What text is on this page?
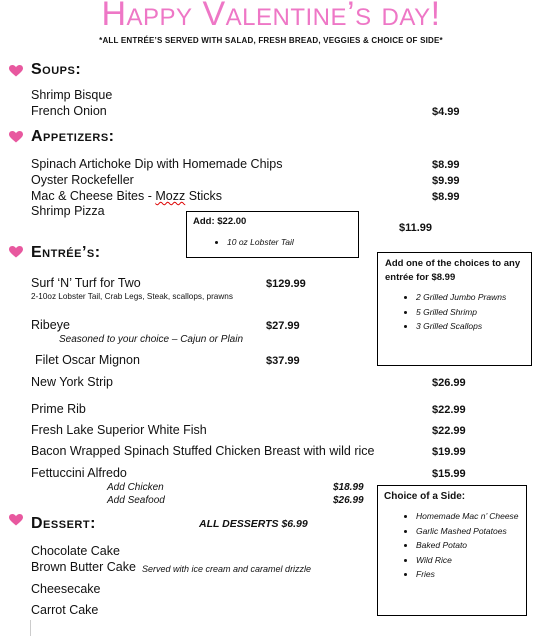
Happy Valentine’s day!
*ALL ENTRÉE’S SERVED WITH SALAD, FRESH BREAD, VEGGIES & CHOICE OF SIDE*
Soups:
Shrimp Bisque
French Onion	$4.99
Appetizers:
Spinach Artichoke Dip with Homemade Chips	$8.99
Oyster Rockefeller	$9.99
Mac & Cheese Bites - Mozz Sticks	$8.99
Shrimp Pizza
$11.99
Add: $22.00
• 10 oz Lobster Tail
Entrée’s:
Surf ‘N’ Turf for Two	$129.99
2-10oz Lobster Tail, Crab Legs, Steak, scallops, prawns
Ribeye	$27.99
Seasoned to your choice – Cajun or Plain
Filet Oscar Mignon	$37.99
New York Strip	$26.99
Prime Rib	$22.99
Fresh Lake Superior White Fish	$22.99
Bacon Wrapped Spinach Stuffed Chicken Breast with wild rice	$19.99
Fettuccini Alfredo	$15.99
Add Chicken	$18.99
Add Seafood	$26.99
Add one of the choices to any entrée for $8.99
• 2 Grilled Jumbo Prawns
• 5 Grilled Shrimp
• 3 Grilled Scallops
Choice of a Side:
• Homemade Mac n’ Cheese
• Garlic Mashed Potatoes
• Baked Potato
• Wild Rice
• Fries
Dessert:	ALL DESSERTS $6.99
Chocolate Cake
Brown Butter Cake Served with ice cream and caramel drizzle
Cheesecake
Carrot Cake
